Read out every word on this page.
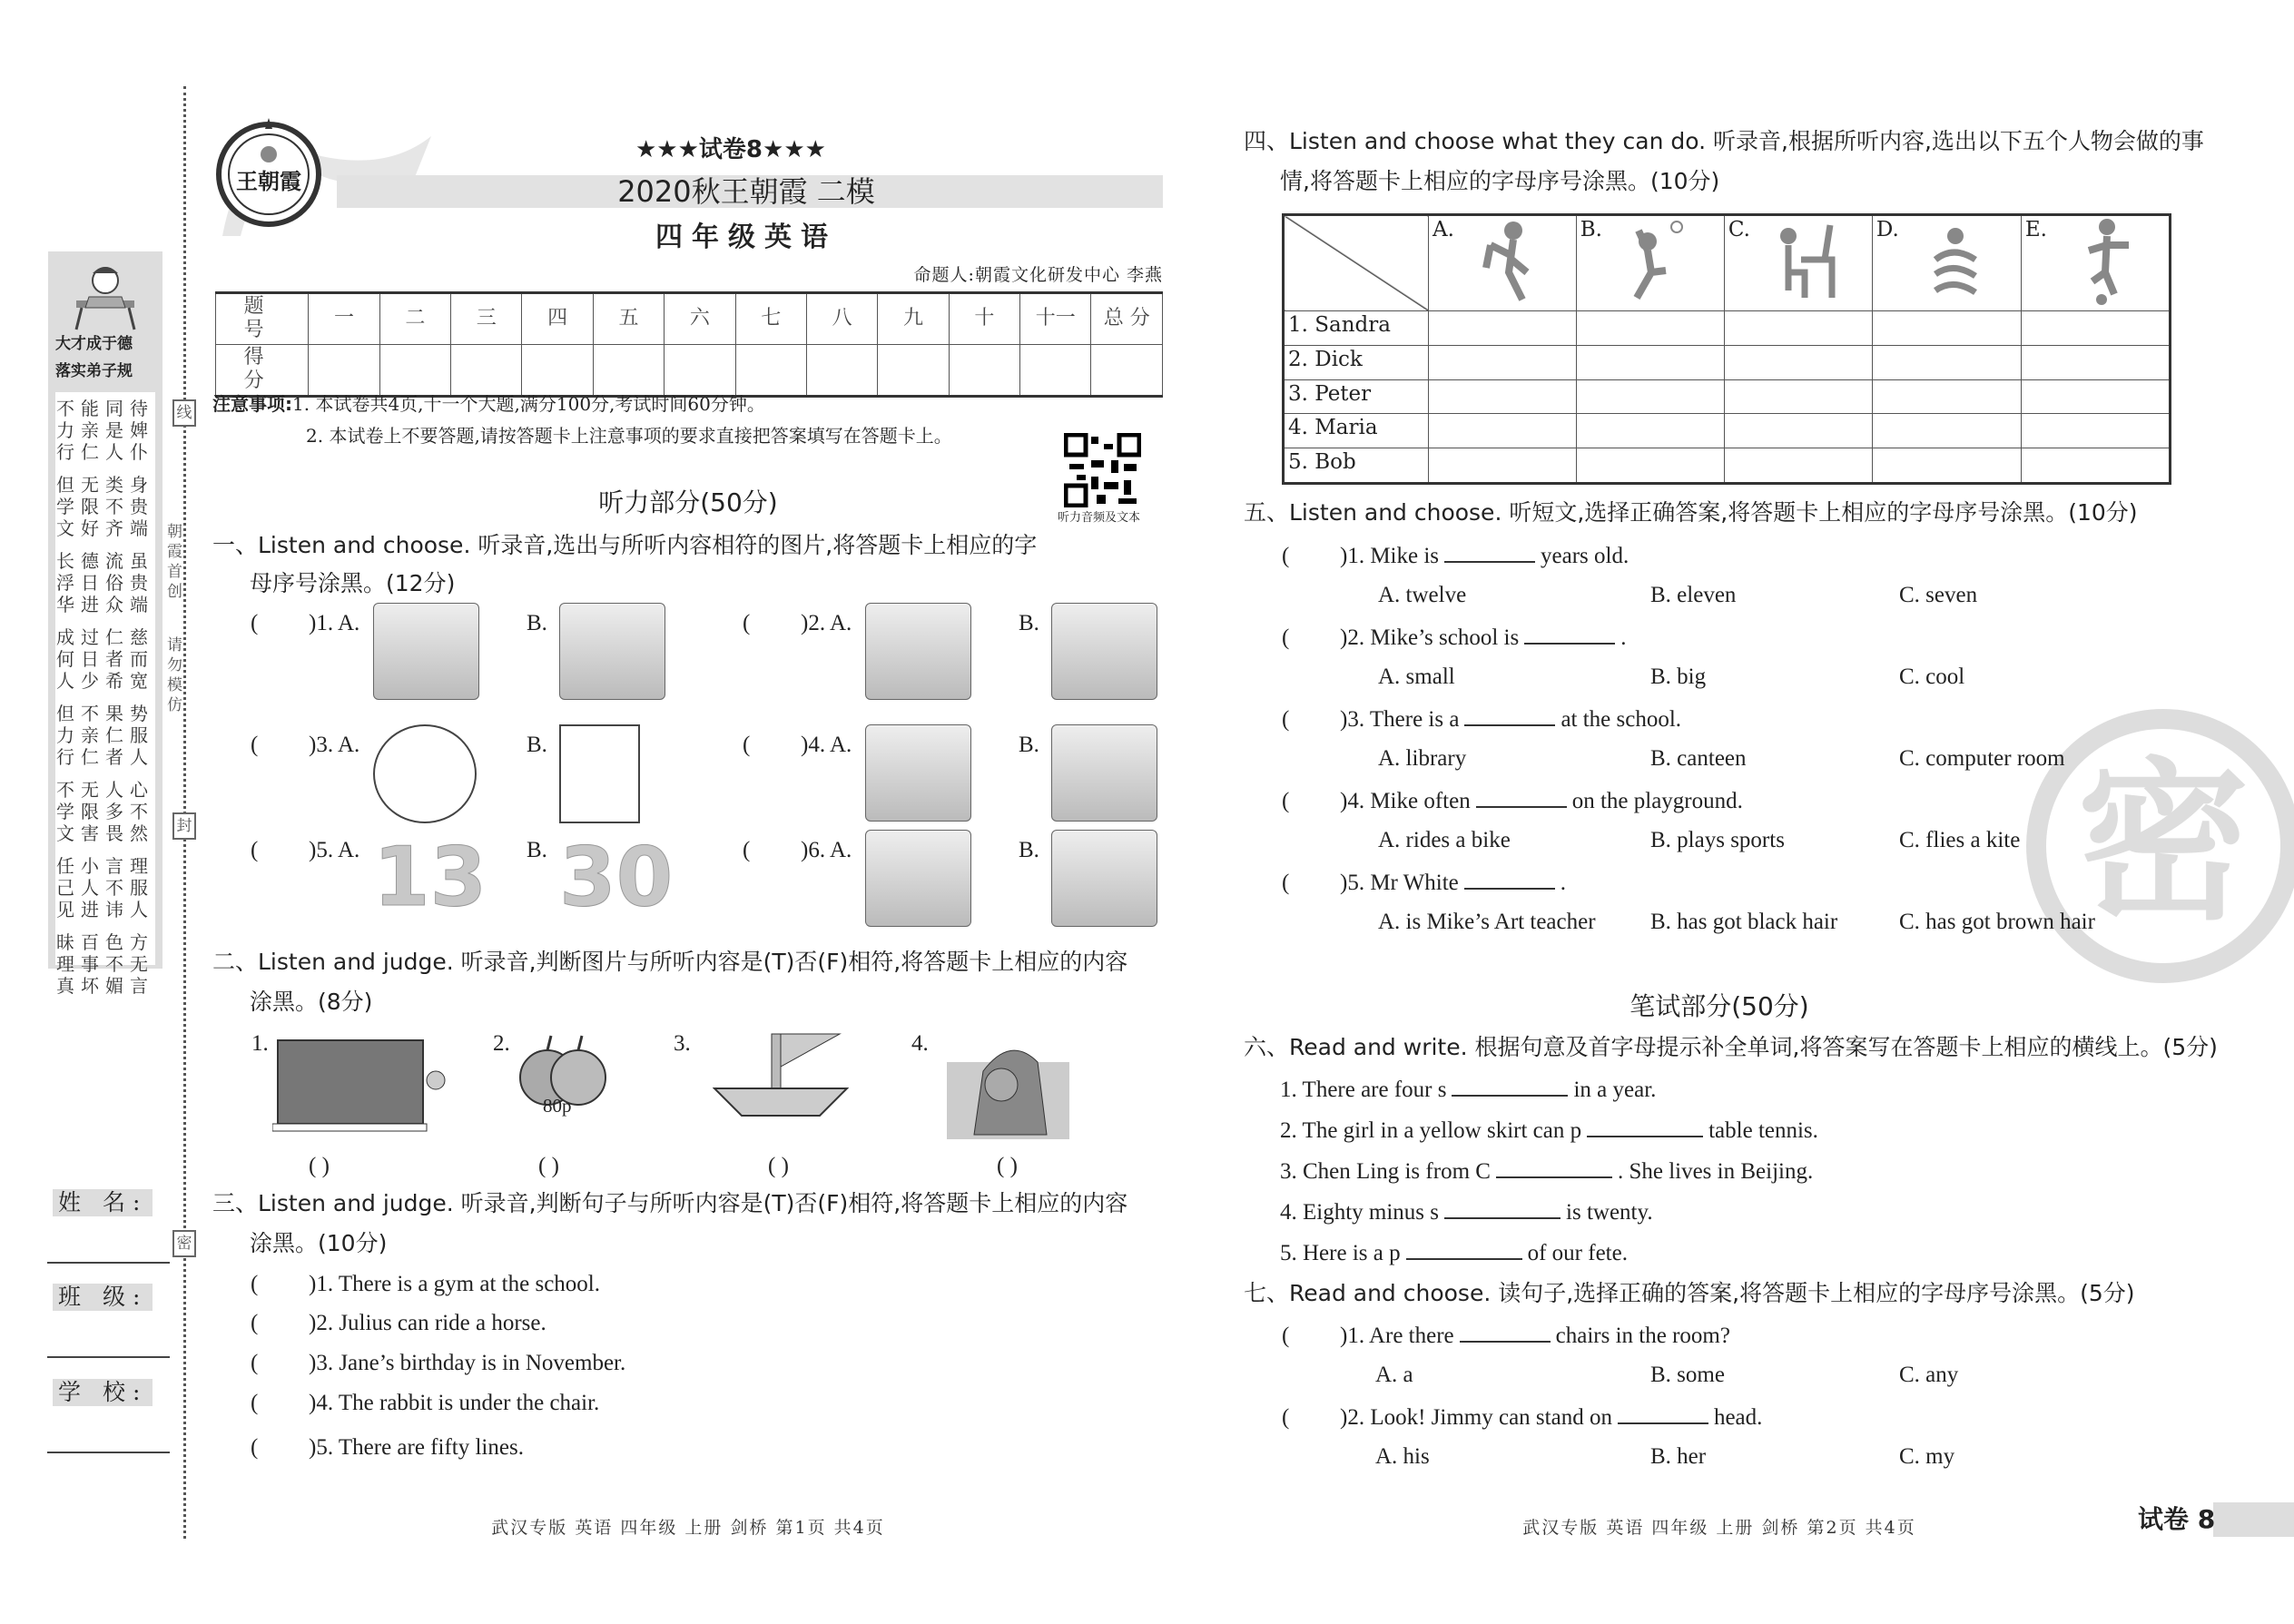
线
封
密
朝霞首创
请勿模仿
大才成于德
落实弟子规
不能同待
力亲是婢
行仁人仆
但无类身
学限不贵
文好齐端
长德流虽
浮日俗贵
华进众端
成过仁慈
何日者而
人少希宽
但不果势
力亲仁服
行仁者人
不无人心
学限多不
文害畏然
任小言理
己人不服
见进讳人
昧百色方
理事不无
真坏媚言
姓 名:
班 级:
学 校:
王朝霞
★★★试卷8★★★
2020秋王朝霞 二模
四年级英语
命题人:朝霞文化研发中心 李燕
题 号	一	二	三	四	五	六	七	八	九	十	十一	总 分
得 分												
注意事项:1. 本试卷共4页,十一个大题,满分100分,考试时间60分钟。
2. 本试卷上不要答题,请按答题卡上注意事项的要求直接把答案填写在答题卡上。
听力音频及文本
听力部分(50分)
一、Listen and choose. 听录音,选出与所听内容相符的图片,将答题卡上相应的字
母序号涂黑。(12分)
( )1. A.	B.	( )2. A.	B.
( )3. A.	B.	( )4. A.	B.
( )5. A.	B.
13 30	( )6. A.	B.
二、Listen and judge. 听录音,判断图片与所听内容是(T)否(F)相符,将答题卡上相应的内容
涂黑。(8分)
1.	2.	3.	4.
80p
( )	( )	( )	( )
三、Listen and judge. 听录音,判断句子与所听内容是(T)否(F)相符,将答题卡上相应的内容
涂黑。(10分)
( )1. There is a gym at the school.
( )2. Julius can ride a horse.
( )3. Jane’s birthday is in November.
( )4. The rabbit is under the chair.
( )5. There are fifty lines.
武汉专版 英语 四年级 上册 剑桥 第1页 共4页
密
四、Listen and choose what they can do. 听录音,根据所听内容,选出以下五个人物会做的事
情,将答题卡上相应的字母序号涂黑。(10分)
	A.	B.	C.	D.	E.
1. Sandra					
2. Dick					
3. Peter					
4. Maria					
5. Bob					
五、Listen and choose. 听短文,选择正确答案,将答题卡上相应的字母序号涂黑。(10分)
( )1. Mike is	years old.
A. twelve	B. eleven	C. seven
( )2. Mike’s school is	.
A. small	B. big	C. cool
( )3. There is a	at the school.
A. library	B. canteen	C. computer room
( )4. Mike often	on the playground.
A. rides a bike	B. plays sports	C. flies a kite
( )5. Mr White	.
A. is Mike’s Art teacher B. has got black hair	C. has got brown hair
笔试部分(50分)
六、Read and write. 根据句意及首字母提示补全单词,将答案写在答题卡上相应的横线上。(5分)
1. There are four s	in a year.
2. The girl in a yellow skirt can p	table tennis.
3. Chen Ling is from C	. She lives in Beijing.
4. Eighty minus s	is twenty.
5. Here is a p	of our fete.
七、Read and choose. 读句子,选择正确的答案,将答题卡上相应的字母序号涂黑。(5分)
( )1. Are there	chairs in the room?
A. a	B. some	C. any
( )2. Look! Jimmy can stand on	head.
A. his	B. her	C. my
武汉专版 英语 四年级 上册 剑桥 第2页 共4页	试卷 8
